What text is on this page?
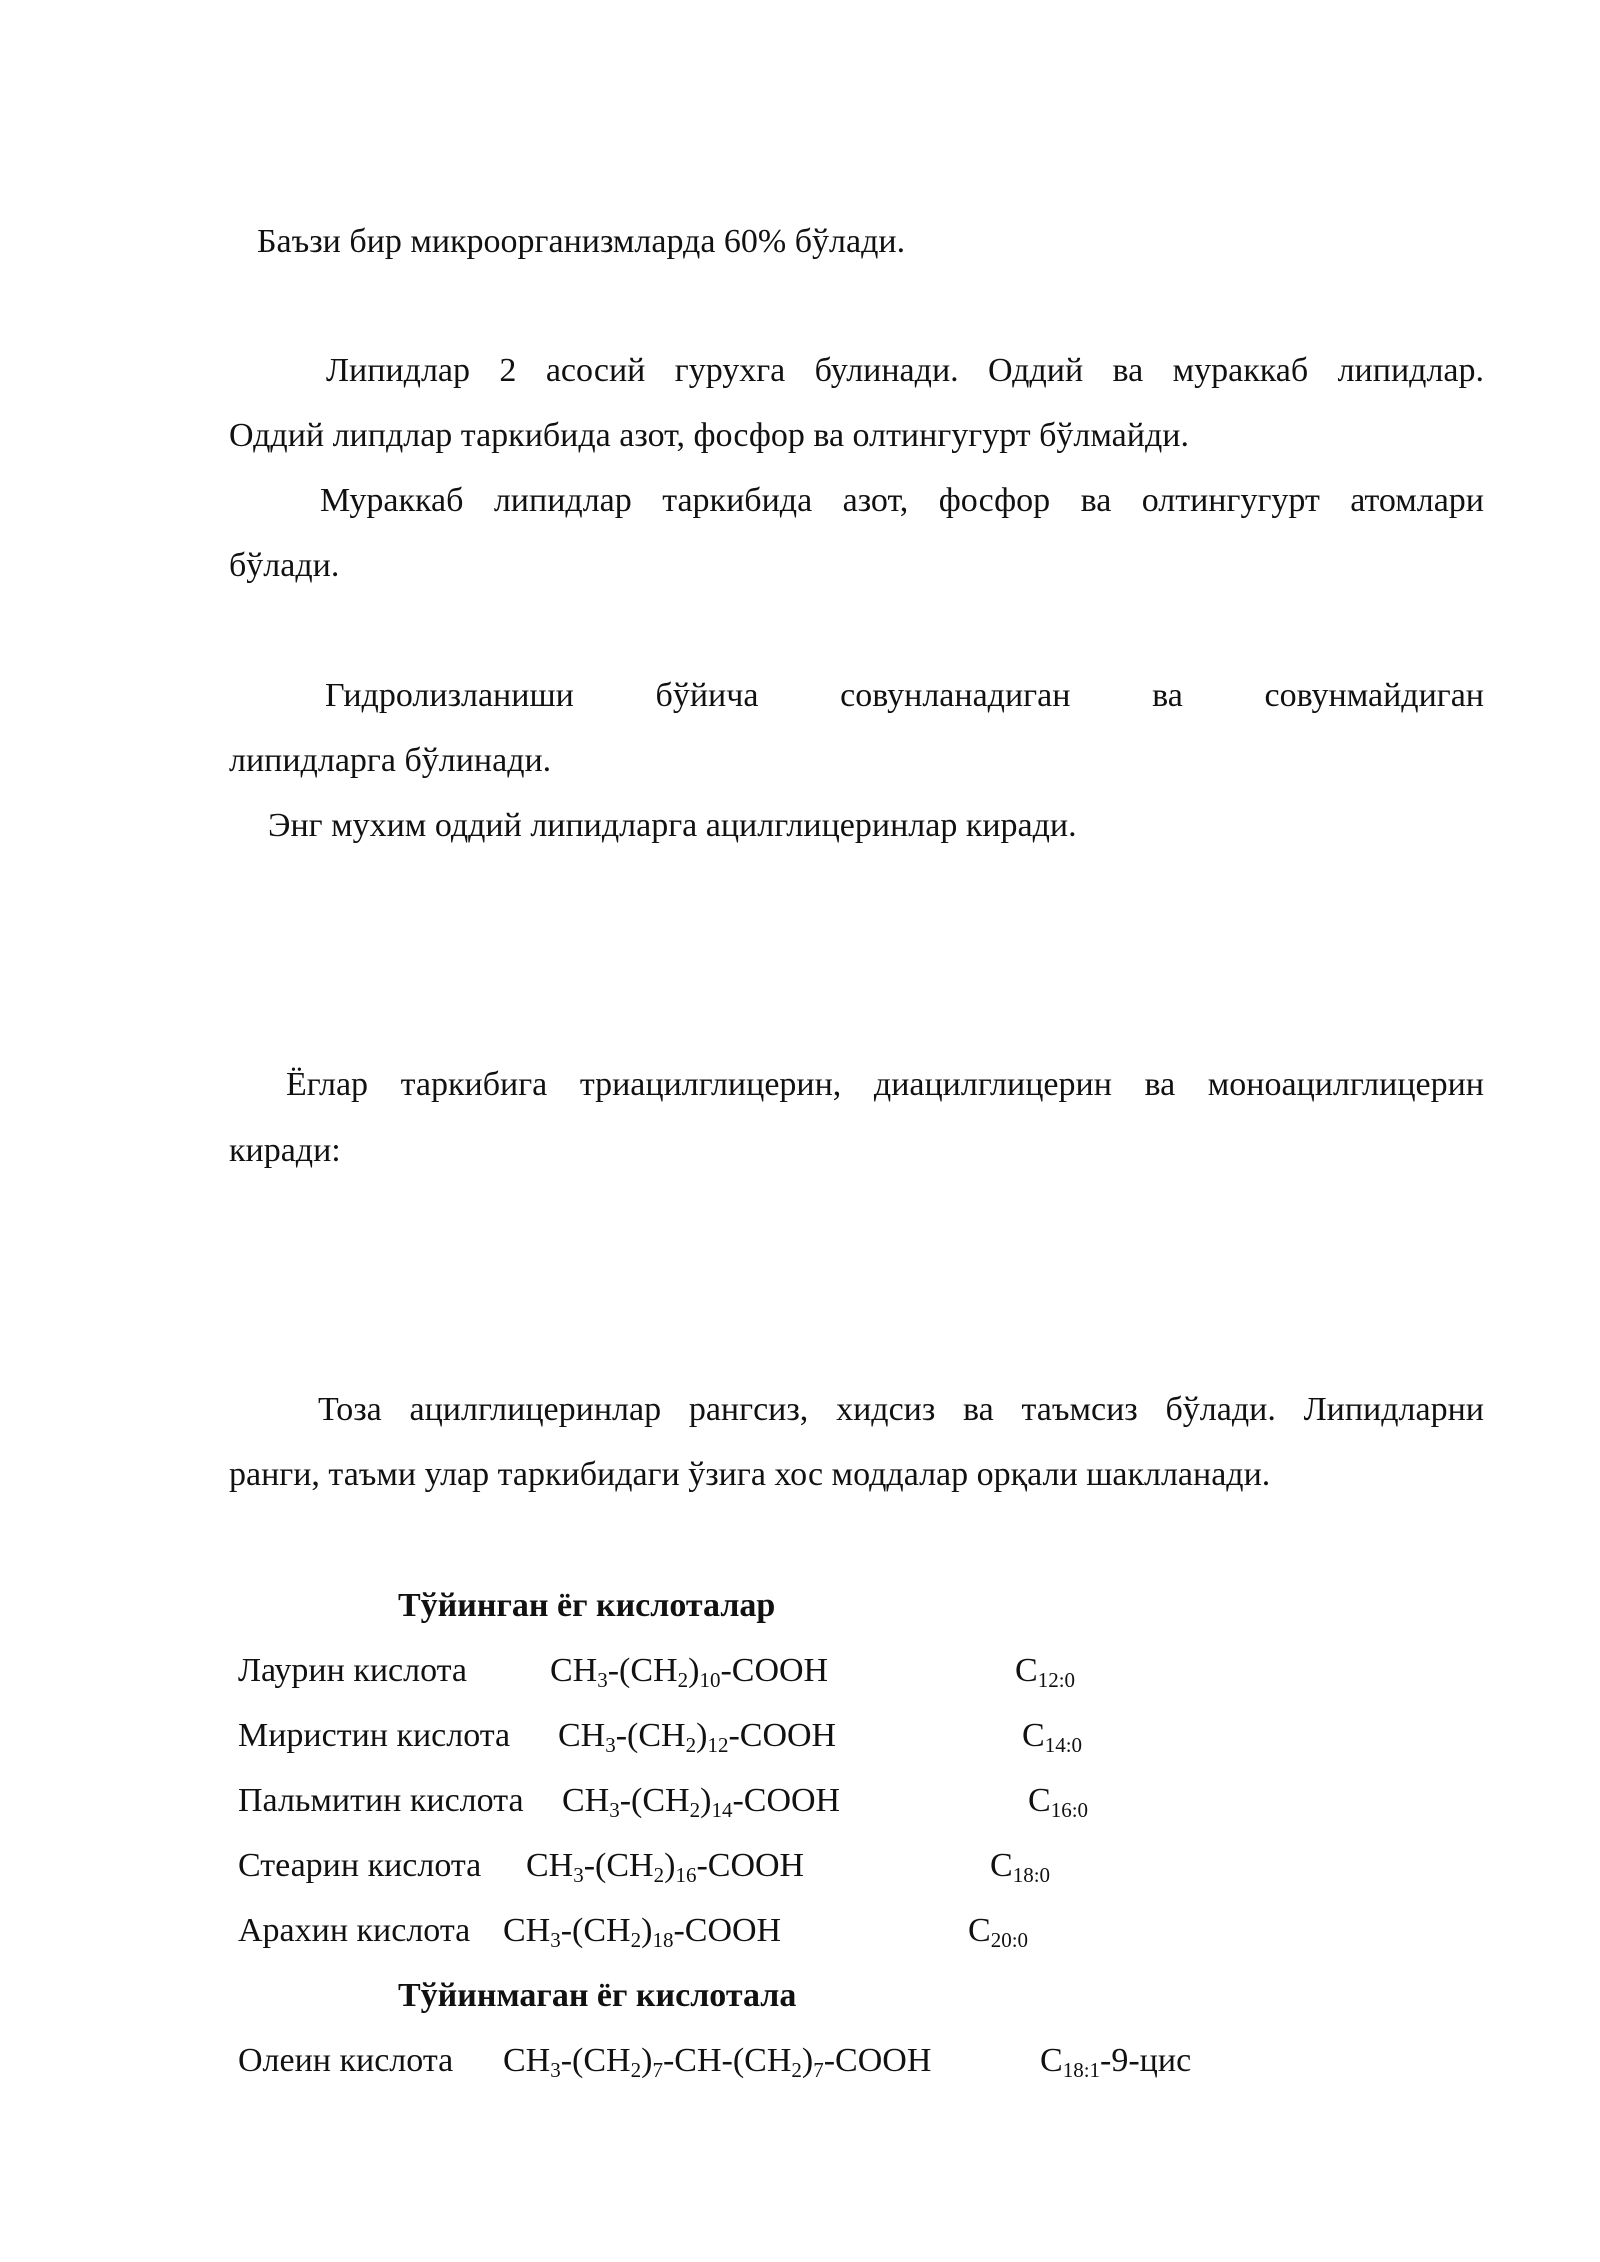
Баъзи бир микроорганизмларда 60% бўлади.
Липидлар 2 асосий гурухга булинади. Оддий ва мураккаб липидлар.
Оддий липдлар таркибида азот, фосфор ва олтингугурт бўлмайди.
Мураккаб липидлар таркибида азот, фосфор ва олтингугурт атомлари
бўлади.
Гидролизланиши бўйича совунланадиган ва совунмайдиган
липидларга бўлинади.
Энг мухим оддий липидларга ацилглицеринлар киради.
Ёглар таркибига триацилглицерин, диацилглицерин ва моноацилглицерин
киради:
Тоза ацилглицеринлар рангсиз, хидсиз ва таъмсиз бўлади. Липидларни
ранги, таъми улар таркибидаги ўзига хос моддалар орқали шаклланади.
Тўйинган ёг кислоталар
Лаурин кислота $CH_3-(CH_2)_{10}$-COOH	$C_{12:0}$
Миристин кислота $CH_3-(CH_2)_{12}$-COOH	$C_{14:0}$
Пальмитин кислота $CH_3-(CH_2)_{14}$-COOH	$C_{16:0}$
Стеарин кислота $CH_3-(CH_2)_{16}$-COOH	$C_{18:0}$
Арахин кислота $CH_3-(CH_2)_{18}$-COOH	$C_{20:0}$
Тўйинмаган ёг кислотала
Олеин кислота $CH_3-(CH_2)_7-CH-(CH_2)_7$-COOH	$C_{18:1}-9$-цис
